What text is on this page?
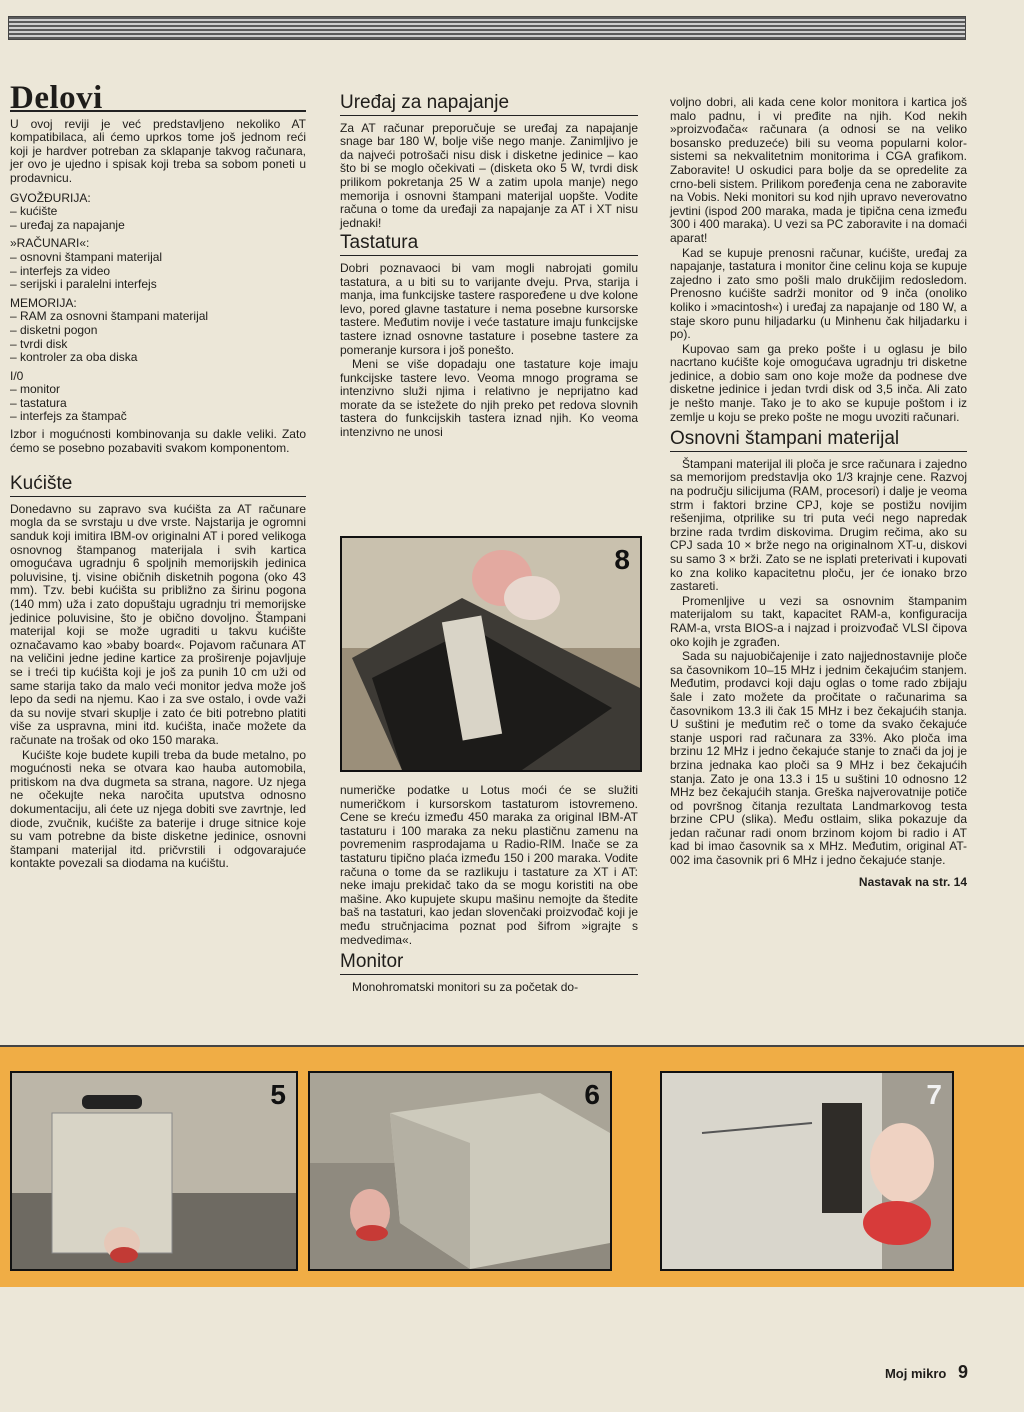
Delovi

U ovoj reviji je već predstavljeno nekoliko AT kompatibilaca, ali ćemo uprkos tome još jednom reći koji je hardver potreban za sklapanje takvog računara, jer ovo je ujedno i spisak koji treba sa sobom poneti u prodavnicu.

GVOŽĐURIJA:
– kućište
– uređaj za napajanje
»RAČUNARI«:
– osnovni štampani materijal
– interfejs za video
– serijski i paralelni interfejs
MEMORIJA:
– RAM za osnovni štampani materijal
– disketni pogon
– tvrdi disk
– kontroler za oba diska
I/0
– monitor
– tastatura
– interfejs za štampač

Izbor i mogućnosti kombinovanja su dakle veliki. Zato ćemo se posebno pozabaviti svakom komponentom.

Kućište

Donedavno su zapravo sva kućišta za AT računare mogla da se svrstaju u dve vrste. Najstarija je ogromni sanduk koji imitira IBM-ov originalni AT i pored velikoga osnovnog štampanog materijala i svih kartica omogućava ugradnju 6 spoljnih memorijskih jedinica poluvisine, tj. visine običnih disketnih pogona (oko 43 mm). Tzv. bebi kućišta su približno za širinu pogona (140 mm) uža i zato dopuštaju ugradnju tri memorijske jedinice poluvisine, što je obično dovoljno. Štampani materijal koji se može ugraditi u takvu kućište označavamo kao »baby board«. Pojavom računara AT na veličini jedne jedine kartice za proširenje pojavljuje se i treći tip kućišta koji je još za punih 10 cm uži od same starija tako da malo veći monitor jedva može još lepo da sedi na njemu. Kao i za sve ostalo, i ovde važi da su novije stvari skuplje i zato će biti potrebno platiti više za uspravna, mini itd. kućišta, inače možete da računate na trošak od oko 150 maraka.

Kućište koje budete kupili treba da bude metalno, po mogućnosti neka se otvara kao hauba automobila, pritiskom na dva dugmeta sa strana, nagore. Uz njega ne očekujte neka naročita uputstva odnosno dokumentaciju, ali ćete uz njega dobiti sve zavrtnje, led diode, zvučnik, kućište za baterije i druge sitnice koje su vam potrebne da biste disketne jedinice, osnovni štampani materijal itd. pričvrstili i odgovarajuće kontakte povezali sa diodama na kućištu.

Uređaj za napajanje

Za AT računar preporučuje se uređaj za napajanje snage bar 180 W, bolje više nego manje. Zanimljivo je da najveći potrošači nisu disk i disketne jedinice – kao što bi se moglo očekivati – (disketa oko 5 W, tvrdi disk prilikom pokretanja 25 W a zatim upola manje) nego memorija i osnovni štampani materijal uopšte. Vodite računa o tome da uređaji za napajanje za AT i XT nisu jednaki!

Tastatura

Dobri poznavaoci bi vam mogli nabrojati gomilu tastatura, a u biti su to varijante dveju. Prva, starija i manja, ima funkcijske tastere raspoređene u dve kolone levo, pored glavne tastature i nema posebne kursorske tastere. Međutim novije i veće tastature imaju funkcijske tastere iznad osnovne tastature i posebne tastere za pomeranje kursora i još ponešto.

Meni se više dopadaju one tastature koje imaju funkcijske tastere levo. Veoma mnogo programa se intenzivno služi njima i relativno je neprijatno kad morate da se istežete do njih preko pet redova slovnih tastera do funkcijskih tastera iznad njih. Ko veoma intenzivno ne unosi

8

numeričke podatke u Lotus moći će se služiti numeričkom i kursorskom tastaturom istovremeno. Cene se kreću između 450 maraka za original IBM-AT tastaturu i 100 maraka za neku plastičnu zamenu na povremenim rasprodajama u Radio-RIM. Inače se za tastaturu tipično plaća između 150 i 200 maraka. Vodite računa o tome da se razlikuju i tastature za XT i AT: neke imaju prekidač tako da se mogu koristiti na obe mašine. Ako kupujete skupu mašinu nemojte da štedite baš na tastaturi, kao jedan slovenčaki proizvođač koji je među stručnjacima poznat pod šifrom »igrajte s medvedima«.

Monitor

Monohromatski monitori su za početak do-

voljno dobri, ali kada cene kolor monitora i kartica još malo padnu, i vi pređite na njih. Kod nekih »proizvođača« računara (a odnosi se na veliko bosansko preduzeće) bili su veoma popularni kolor-sistemi sa nekvalitetnim monitorima i CGA grafikom. Zaboravite! U oskudici para bolje da se opredelite za crno-beli sistem. Prilikom poređenja cena ne zaboravite na Vobis. Neki monitori su kod njih upravo neverovatno jevtini (ispod 200 maraka, mada je tipična cena između 300 i 400 maraka). U vezi sa PC zaboravite i na domaći aparat!

Kad se kupuje prenosni računar, kućište, uređaj za napajanje, tastatura i monitor čine celinu koja se kupuje zajedno i zato smo pošli malo drukčijim redosledom. Prenosno kućište sadrži monitor od 9 inča (onoliko koliko i »macintosh«) i uređaj za napajanje od 180 W, a staje skoro punu hiljadarku (u Minhenu čak hiljadarku i po).

Kupovao sam ga preko pošte i u oglasu je bilo nacrtano kućište koje omogućava ugradnju tri disketne jedinice, a dobio sam ono koje može da podnese dve disketne jedinice i jedan tvrdi disk od 3,5 inča. Ali zato je nešto manje. Tako je to ako se kupuje poštom i iz zemlje u koju se preko pošte ne mogu uvoziti računari.

Osnovni štampani materijal

Štampani materijal ili ploča je srce računara i zajedno sa memorijom predstavlja oko 1/3 krajnje cene. Razvoj na području silicijuma (RAM, procesori) i dalje je veoma strm i faktori brzine CPJ, koje se postižu novijim rešenjima, otprilike su tri puta veći nego napredak brzine rada tvrdim diskovima. Drugim rečima, ako su CPJ sada 10 × brže nego na originalnom XT-u, diskovi su samo 3 × brži. Zato se ne isplati preterivati i kupovati ko zna koliko kapacitetnu ploču, jer će ionako brzo zastareti.

Promenljive u vezi sa osnovnim štampanim materijalom su takt, kapacitet RAM-a, konfiguracija RAM-a, vrsta BIOS-a i najzad i proizvođač VLSI čipova oko kojih je zgrađen.

Sada su najuobičajenije i zato najjednostavnije ploče sa časovnikom 10–15 MHz i jednim čekajućim stanjem. Međutim, prodavci koji daju oglas o tome rado zbijaju šale i zato možete da pročitate o računarima sa časovnikom 13.3 ili čak 15 MHz i bez čekajućih stanja. U suštini je međutim reč o tome da svako čekajuće stanje uspori rad računara za 33%. Ako ploča ima brzinu 12 MHz i jedno čekajuće stanje to znači da joj je brzina jednaka kao ploči sa 9 MHz i bez čekajućih stanja. Zato je ona 13.3 i 15 u suštini 10 odnosno 12 MHz bez čekajućih stanja. Greška najverovatnije potiče od površnog čitanja rezultata Landmarkovog testa brzine CPU (slika). Među ostlaim, slika pokazuje da jedan računar radi onom brzinom kojom bi radio i AT kad bi imao časovnik sa x MHz. Međutim, original AT-002 ima časovnik pri 6 MHz i jedno čekajuće stanje.

Nastavak na str. 14
5	6	7
Moj mikro 9
